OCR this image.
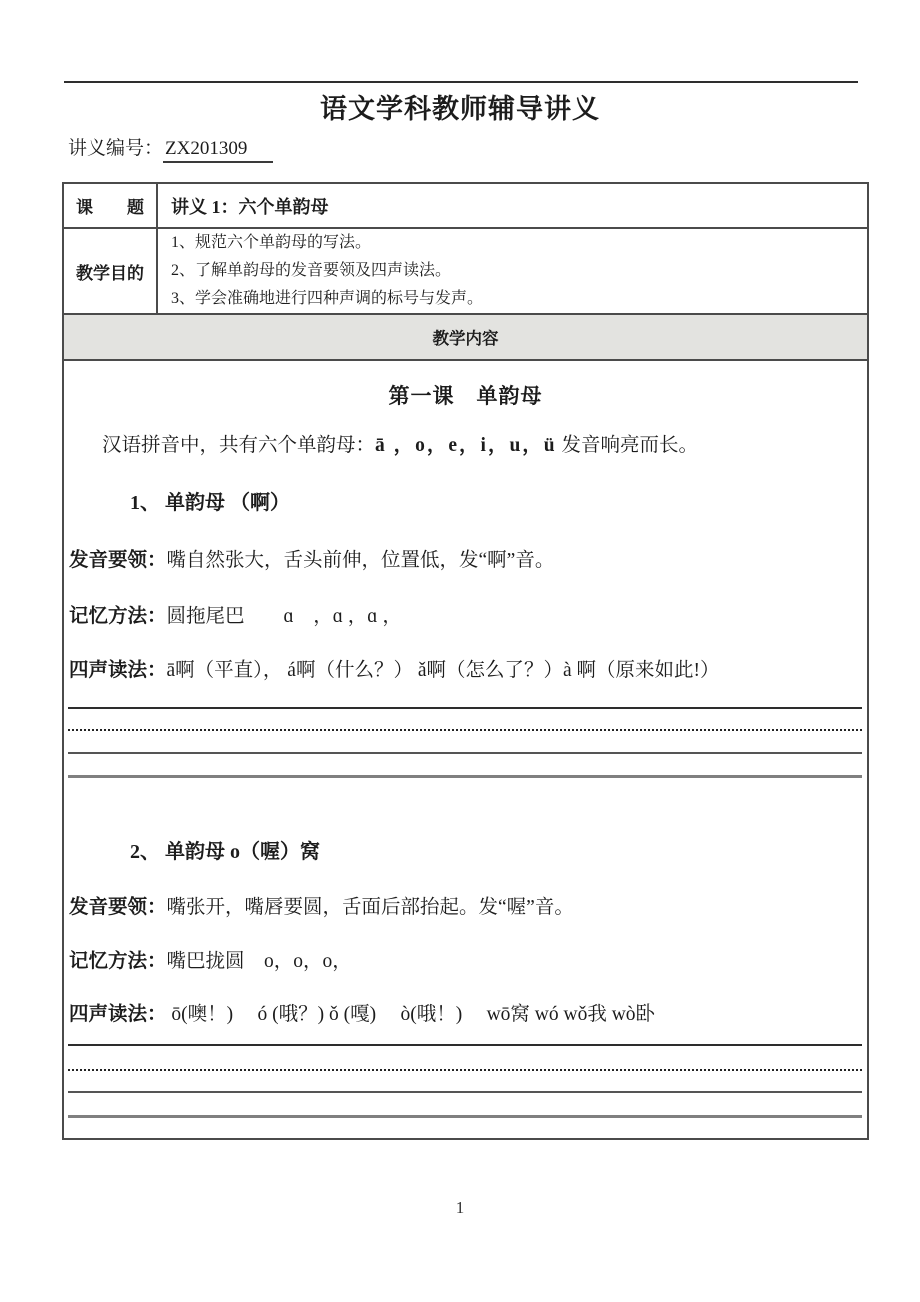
语文学科教师辅导讲义
讲义编号： ZX201309
课　　题	讲义 1：六个单韵母
教学目的
1、规范六个单韵母的写法。
2、了解单韵母的发音要领及四声读法。
3、学会准确地进行四种声调的标号与发声。
教学内容
第一课　单韵母
汉语拼音中，共有六个单韵母：ā ，o，e，i，u，ü 发音响亮而长。
1、 单韵母 （啊）
发音要领：嘴自然张大，舌头前伸，位置低，发“啊”音。
记忆方法：圆拖尾巴　　ɑ　，ɑ ，ɑ ，
四声读法：ā啊（平直）， á啊（什么？） ǎ啊（怎么了？）à 啊（原来如此!）
2、 单韵母 o（喔）窝
发音要领：嘴张开，嘴唇要圆，舌面后部抬起。发“喔”音。
记忆方法：嘴巴拢圆　o，o，o，
四声读法： ō(噢！)　 ó (哦？) ǒ (嘎)　 ò(哦！)　 wō窝 wó wǒ我 wò卧
1
